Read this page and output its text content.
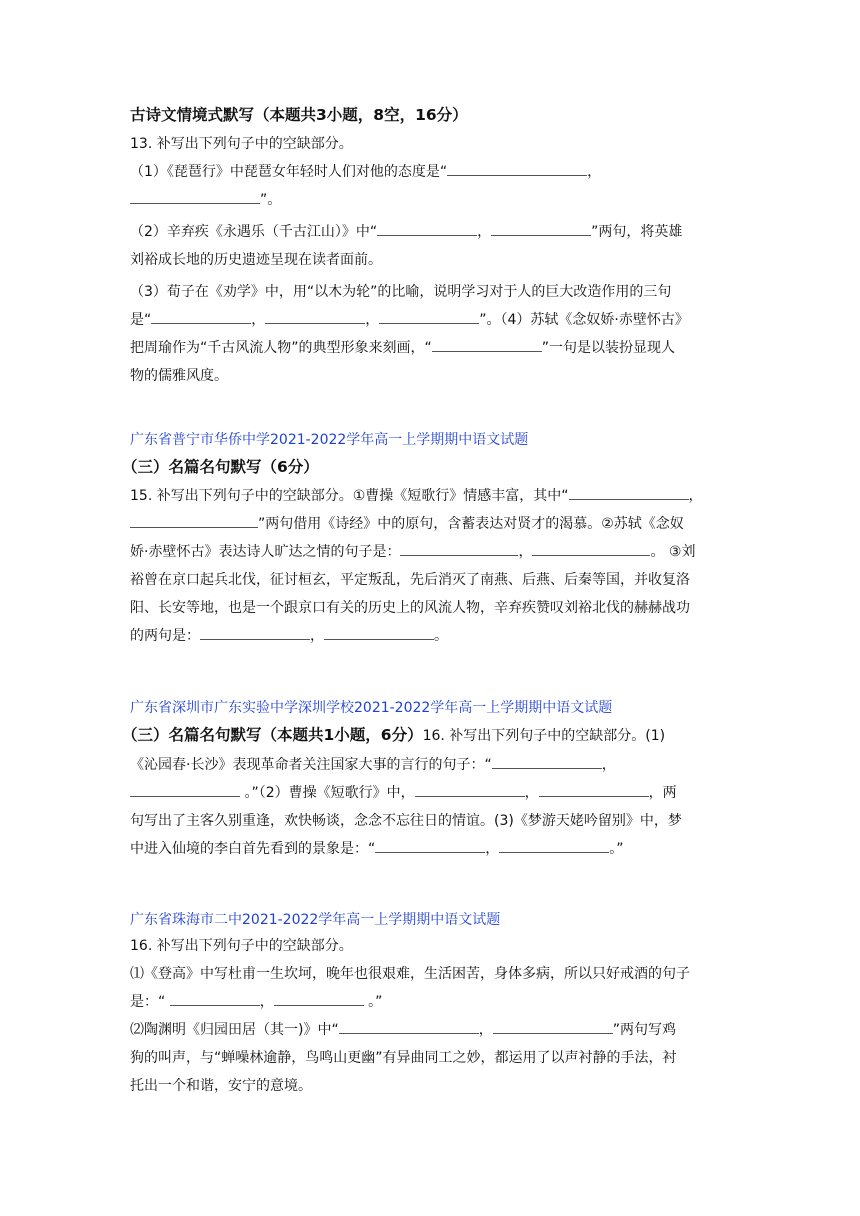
古诗文情境式默写（本题共3小题，8空，16分）

13. 补写出下列句子中的空缺部分。

（1）《琵琶行》中琵琶女年轻时人们对他的态度是“	，

”。

（2）辛弃疾《永遇乐（千古江山）》中“	，	”两句，将英雄

刘裕成长地的历史遗迹呈现在读者面前。

（3）荀子在《劝学》中，用“以木为轮”的比喻，说明学习对于人的巨大改造作用的三句

是“	，	，	”。（4）苏轼《念奴娇·赤壁怀古》

把周瑜作为“千古风流人物”的典型形象来刻画，“	”一句是以装扮显现人

物的儒雅风度。

广东省普宁市华侨中学2021-2022学年高一上学期期中语文试题

（三）名篇名句默写（6分）

15. 补写出下列句子中的空缺部分。①曹操《短歌行》情感丰富，其中“	，

”两句借用《诗经》中的原句，含蓄表达对贤才的渴慕。②苏轼《念奴

娇·赤壁怀古》表达诗人旷达之情的句子是：	，	。 ③刘

裕曾在京口起兵北伐，征讨桓玄，平定叛乱，先后消灭了南燕、后燕、后秦等国，并收复洛

阳、长安等地，也是一个跟京口有关的历史上的风流人物，辛弃疾赞叹刘裕北伐的赫赫战功

的两句是：	，	。

广东省深圳市广东实验中学深圳学校2021-2022学年高一上学期期中语文试题

（三）名篇名句默写（本题共1小题，6分）16. 补写出下列句子中的空缺部分。(1)

《沁园春·长沙》表现革命者关注国家大事的言行的句子：“	，

。”（2）曹操《短歌行》中，	，	，两

句写出了主客久别重逢，欢快畅谈，念念不忘往日的情谊。(3)《梦游天姥吟留别》中，梦

中进入仙境的李白首先看到的景象是：“	，	。”

广东省珠海市二中2021-2022学年高一上学期期中语文试题

16. 补写出下列句子中的空缺部分。

⑴《登高》中写杜甫一生坎坷，晚年也很艰难，生活困苦，身体多病，所以只好戒酒的句子

是：“	，	。”

⑵陶渊明《归园田居（其一)》中“	，	”两句写鸡

狗的叫声，与“蝉噪林逾静，鸟鸣山更幽”有异曲同工之妙，都运用了以声衬静的手法，衬

托出一个和谐，安宁的意境。
